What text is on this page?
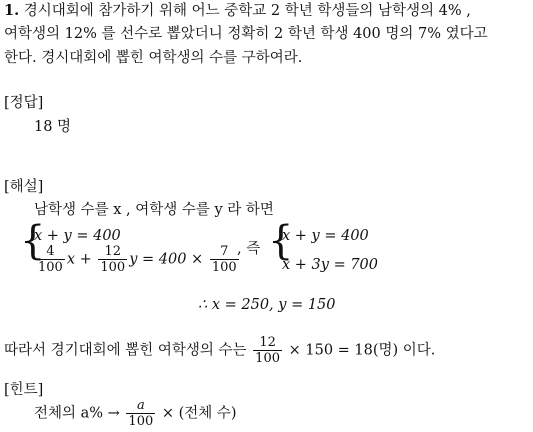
1. 경시대회에 참가하기 위해 어느 중학교 2 학년 학생들의 남학생의 4% ,
여학생의 12% 를 선수로 뽑았더니 정확히 2 학년 학생 400 명의 7% 였다고
한다. 경시대회에 뽑힌 여학생의 수를 구하여라.
[정답]
18 명
[해설]
남학생 수를 x , 여학생 수를 y 라 하면
{
x + y = 400
$\frac{4}{100}$ $x + \frac{12}{100}$ $y = 400 \times \frac{7}{100}$
, 즉 {
x + y = 400
x + 3y = 700
∴ x = 250, y = 150
따라서 경기대회에 뽑힌 여학생의 수는 $\frac{12}{100} \times 150 = 18$(명) 이다.
[힌트]
전체의 $a\% \to \frac{a}{100}$ × (전체 수)
